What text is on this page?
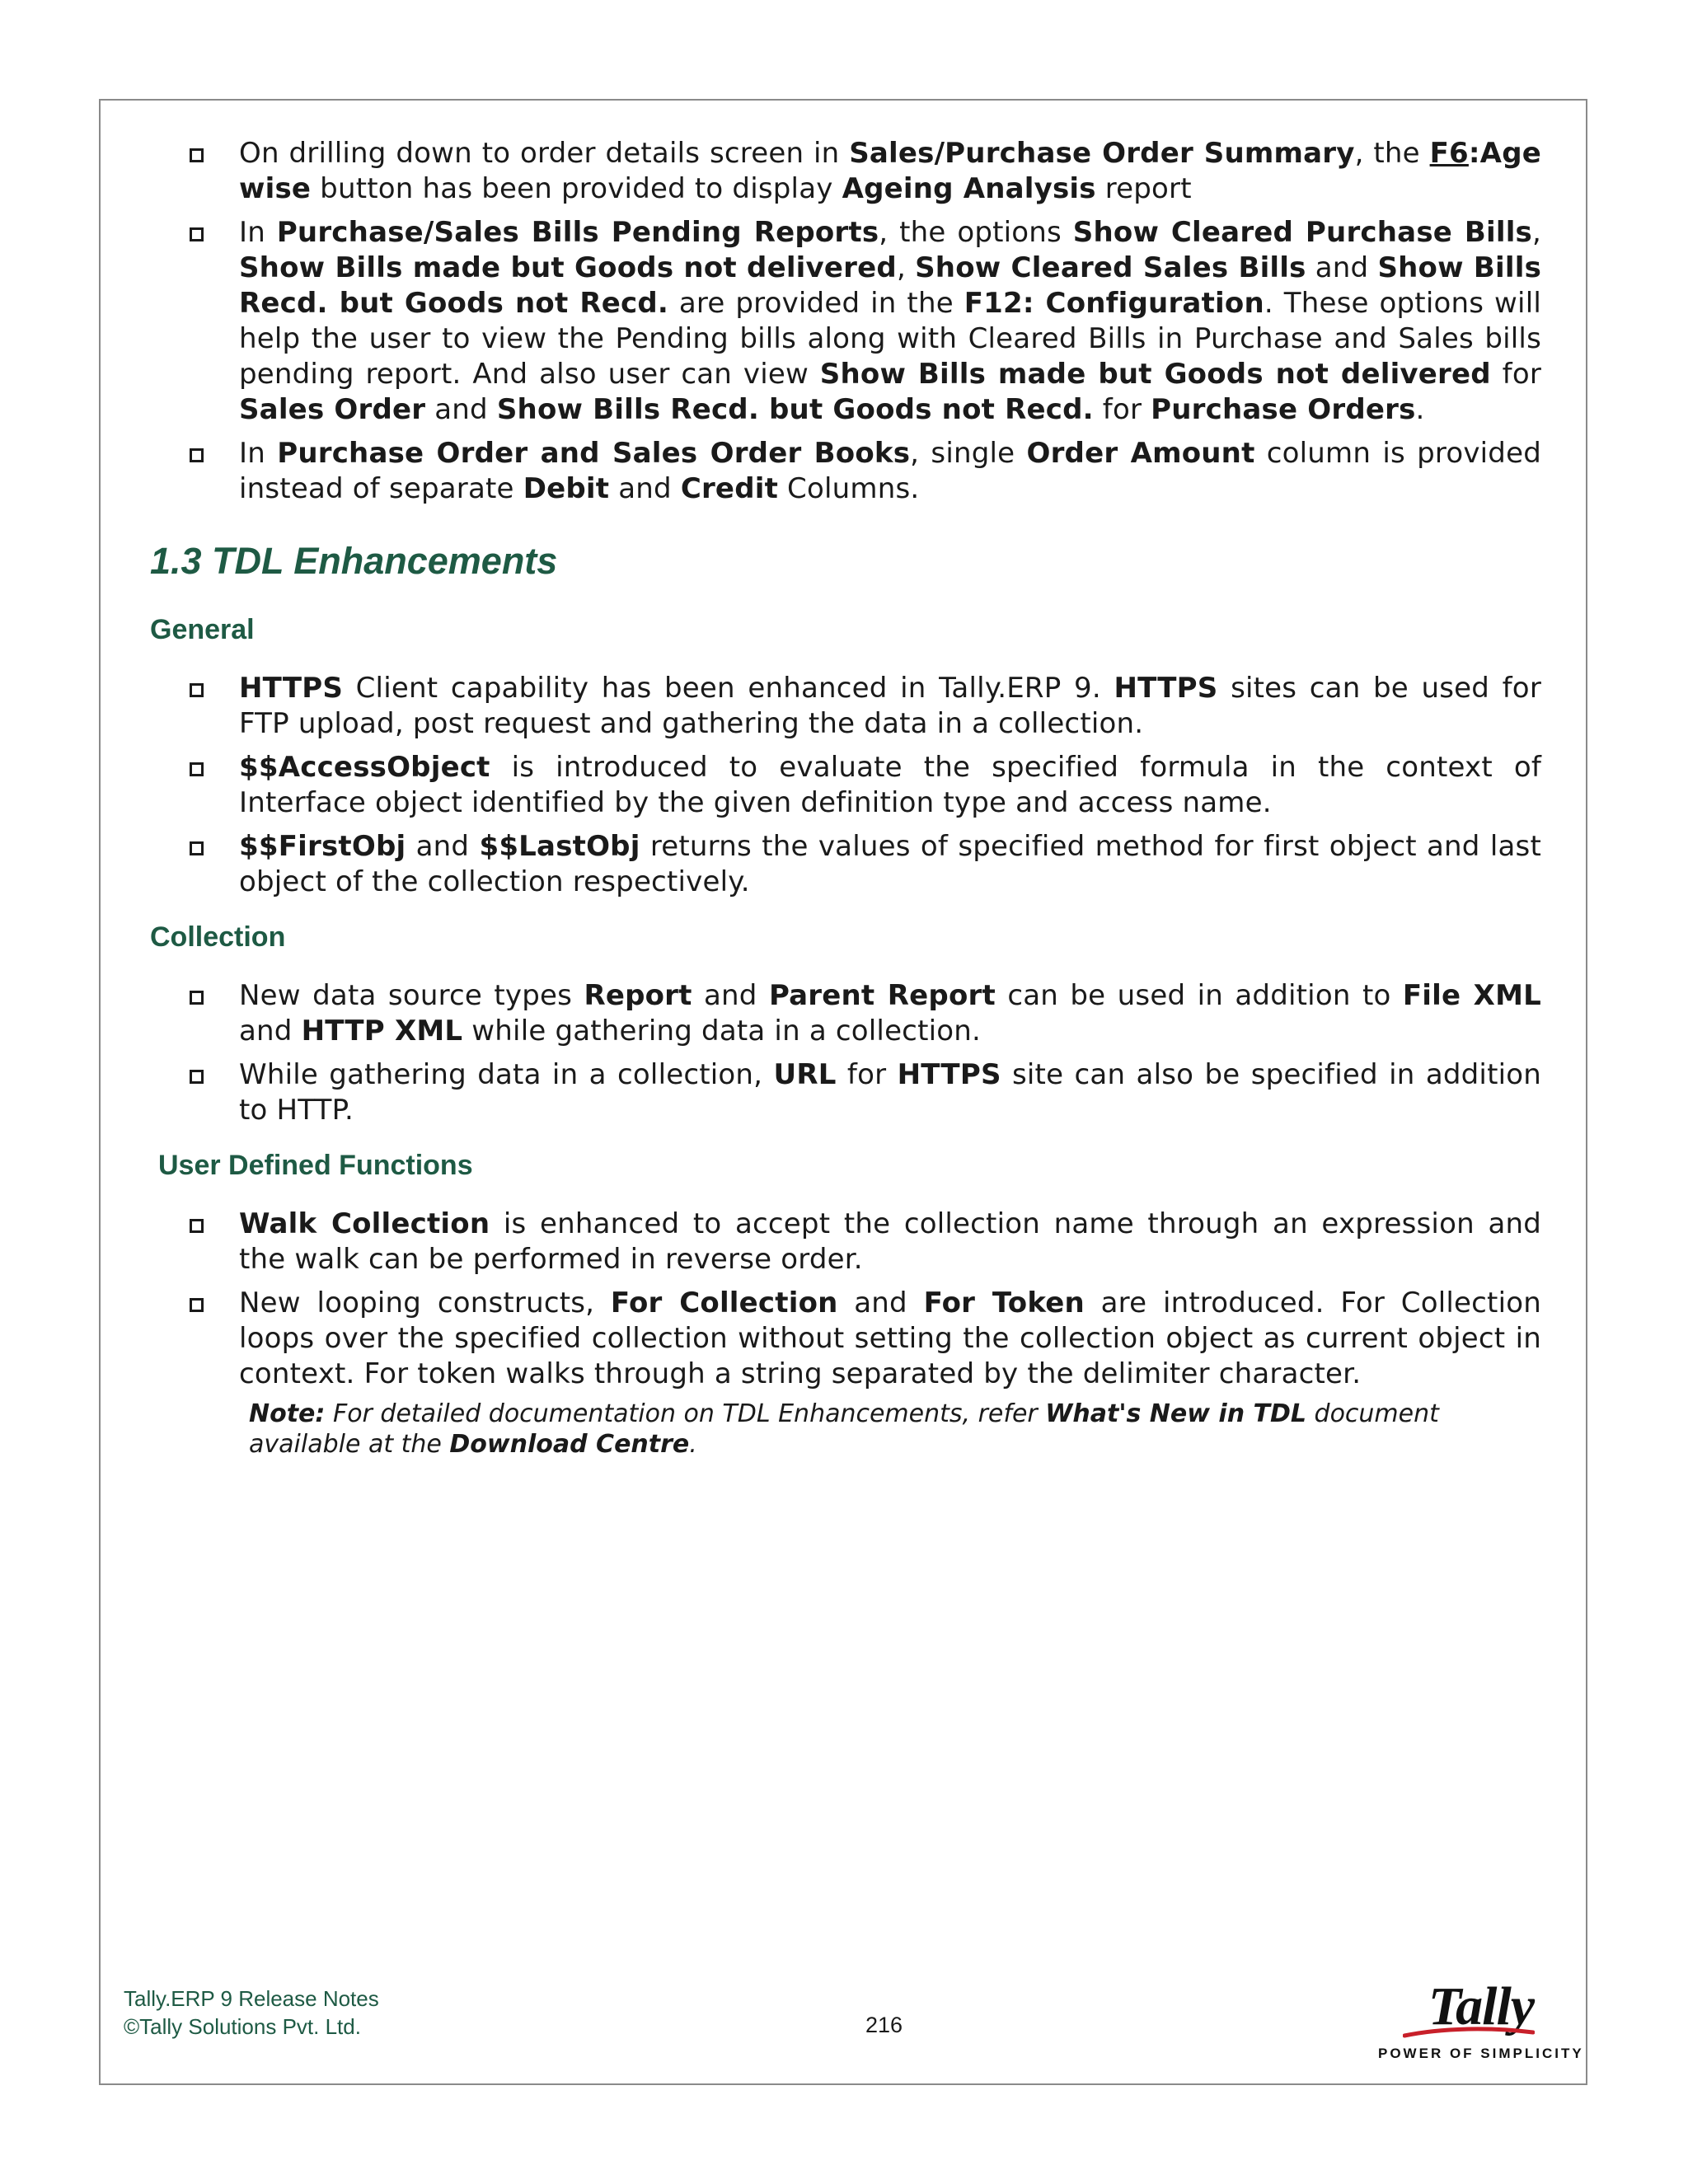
On drilling down to order details screen in Sales/Purchase Order Summary, the F6:Age wise button has been provided to display Ageing Analysis report
In Purchase/Sales Bills Pending Reports, the options Show Cleared Purchase Bills, Show Bills made but Goods not delivered, Show Cleared Sales Bills and Show Bills Recd. but Goods not Recd. are provided in the F12: Configuration. These options will help the user to view the Pending bills along with Cleared Bills in Purchase and Sales bills pending report. And also user can view Show Bills made but Goods not delivered for Sales Order and Show Bills Recd. but Goods not Recd. for Purchase Orders.
In Purchase Order and Sales Order Books, single Order Amount column is provided instead of separate Debit and Credit Columns.
1.3 TDL Enhancements
General
HTTPS Client capability has been enhanced in Tally.ERP 9. HTTPS sites can be used for FTP upload, post request and gathering the data in a collection.
$$AccessObject is introduced to evaluate the specified formula in the context of Interface object identified by the given definition type and access name.
$$FirstObj and $$LastObj returns the values of specified method for first object and last object of the collection respectively.
Collection
New data source types Report and Parent Report can be used in addition to File XML and HTTP XML while gathering data in a collection.
While gathering data in a collection, URL for HTTPS site can also be specified in addition to HTTP.
User Defined Functions
Walk Collection is enhanced to accept the collection name through an expression and the walk can be performed in reverse order.
New looping constructs, For Collection and For Token are introduced. For Collection loops over the specified collection without setting the collection object as current object in context. For token walks through a string separated by the delimiter character.
Note: For detailed documentation on TDL Enhancements, refer What's New in TDL document available at the Download Centre.
Tally.ERP 9 Release Notes
©Tally Solutions Pvt. Ltd.	216	Tally
POWER OF SIMPLICITY
